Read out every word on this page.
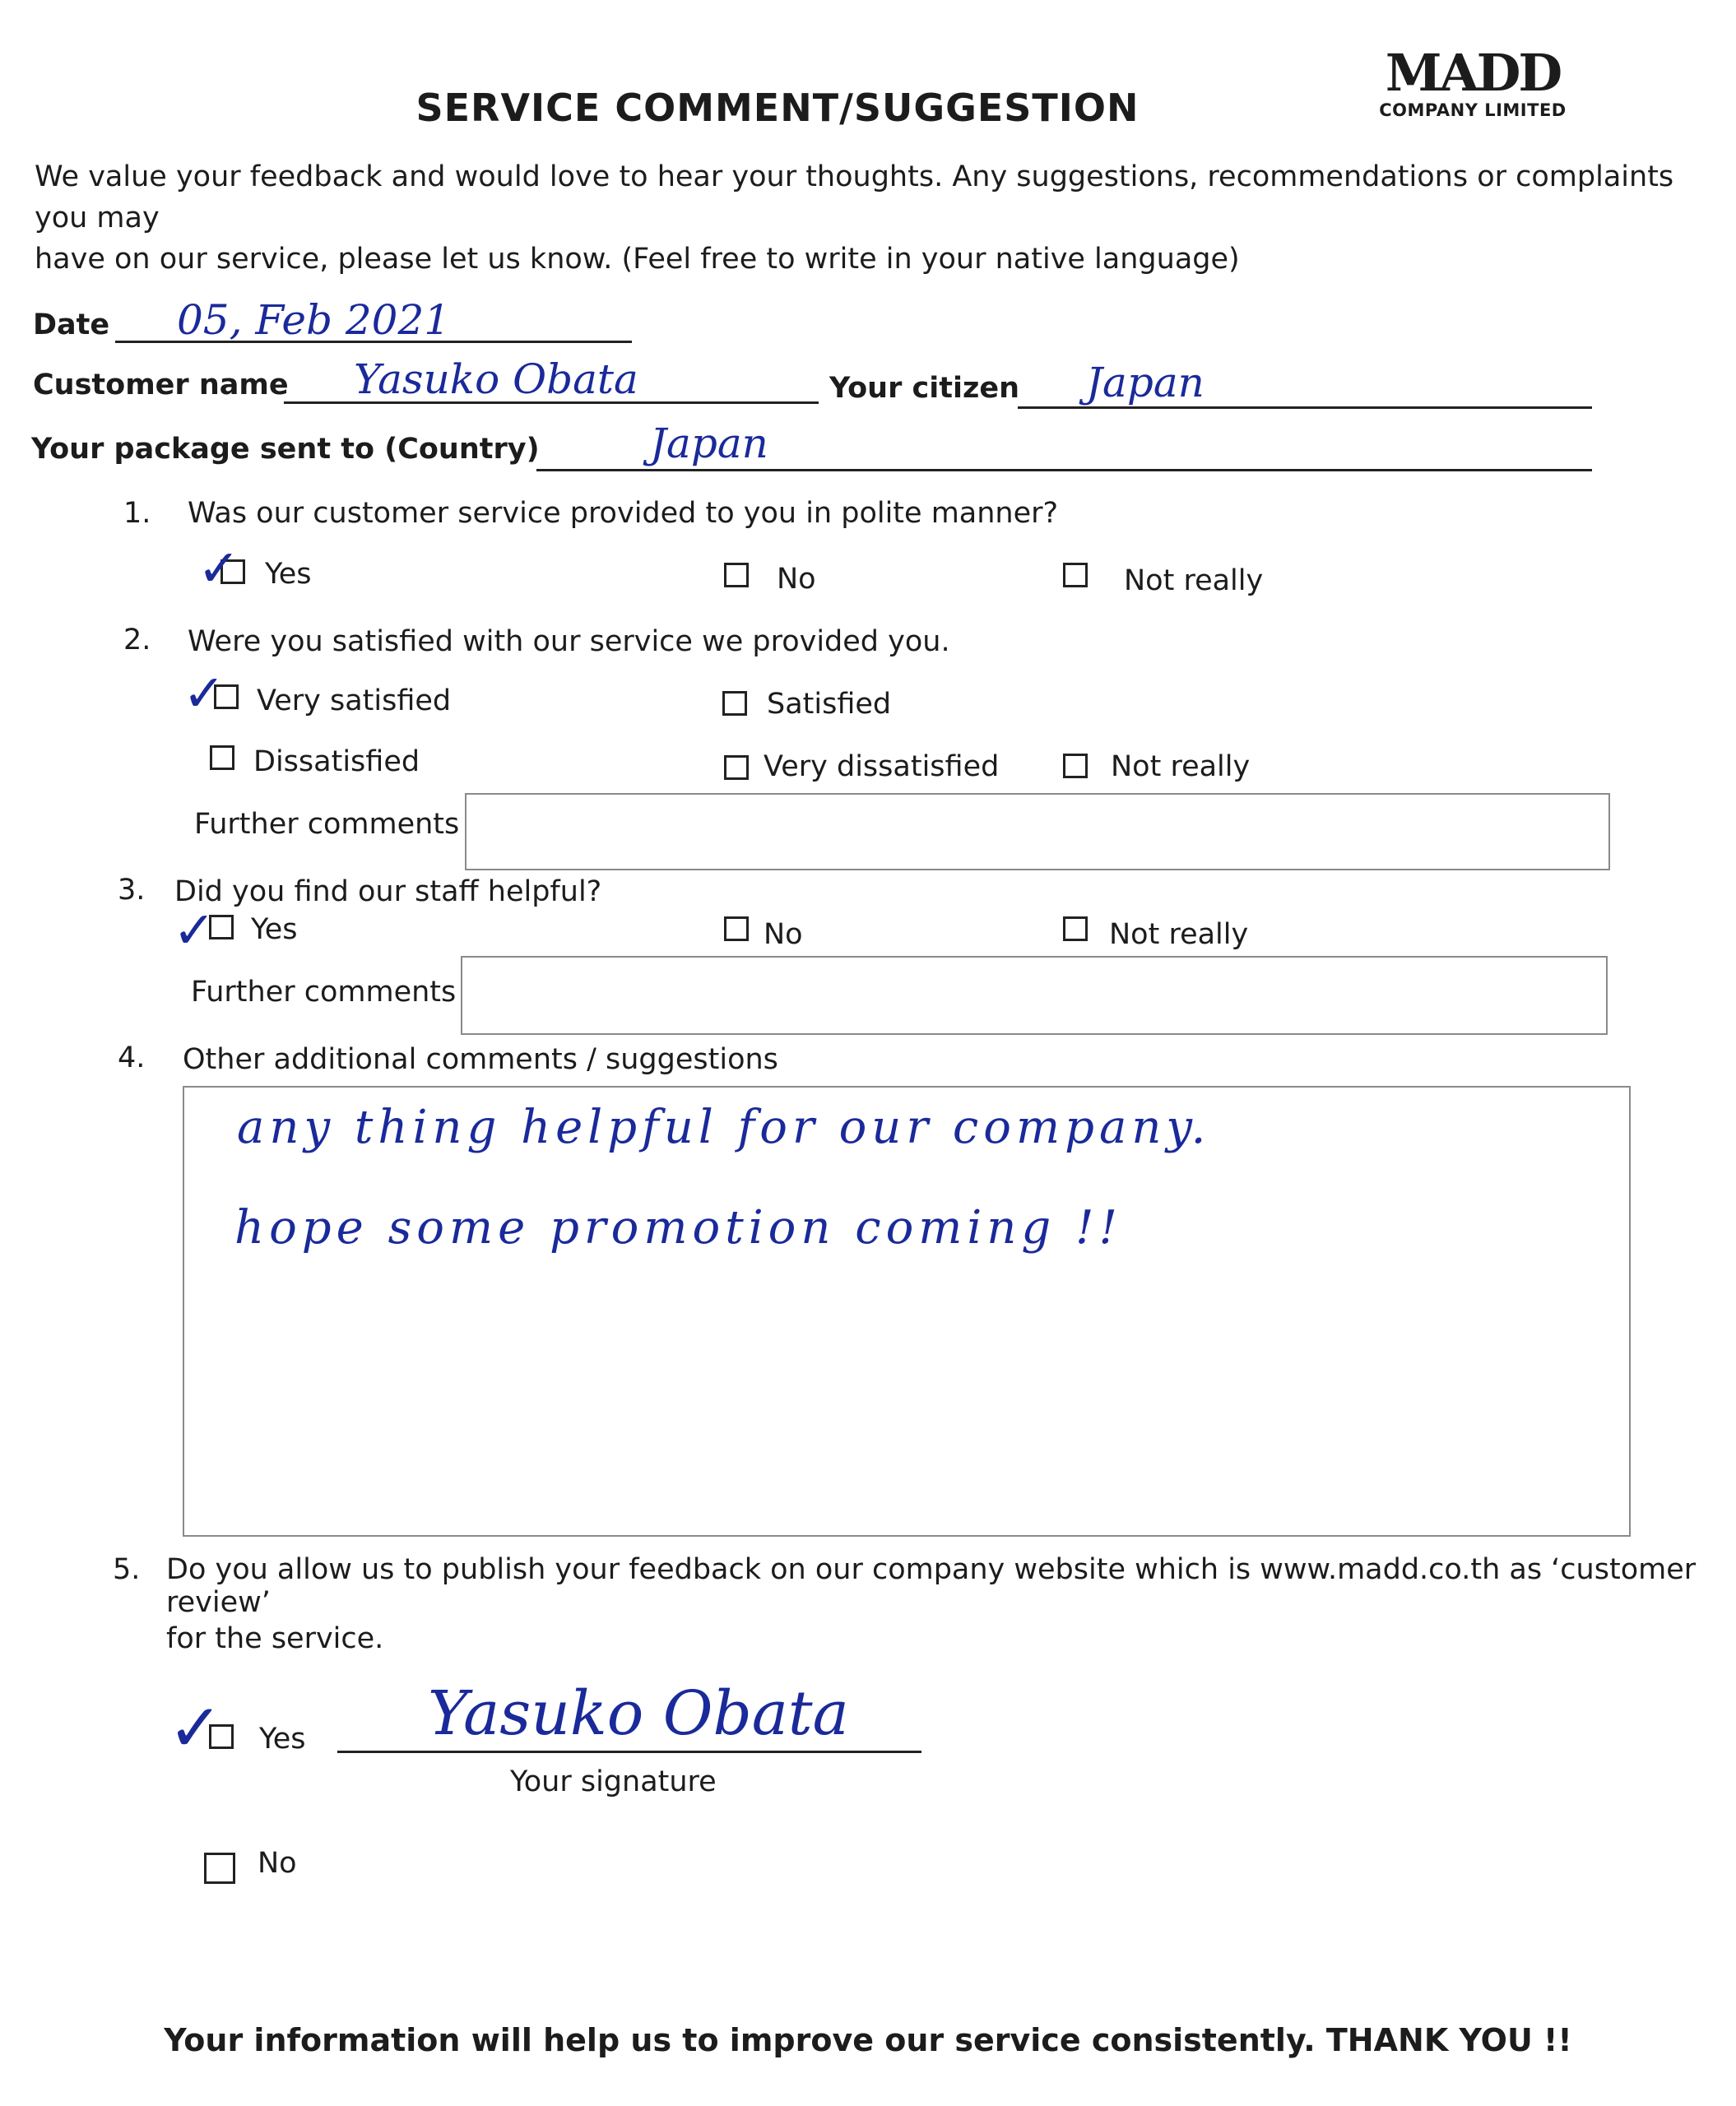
SERVICE COMMENT/SUGGESTION
MADD
COMPANY LIMITED
We value your feedback and would love to hear your thoughts. Any suggestions, recommendations or complaints you may
have on our service, please let us know. (Feel free to write in your native language)
Date 05, Feb 2021
Customer name Yasuko Obata	Your citizen Japan
Your package sent to (Country)	Japan
1. Was our customer service provided to you in polite manner?
✓ Yes	No	Not really
2. Were you satisfied with our service we provided you.
✓ Very satisfied	Satisfied
Dissatisfied	Very dissatisfied	Not really
Further comments
3. Did you find our staff helpful?
✓ Yes	No	Not really
Further comments
4. Other additional comments / suggestions
any thing helpful for our company.
hope some promotion coming !!
5. Do you allow us to publish your feedback on our company website which is www.madd.co.th as ‘customer review’
for the service.
✓ Yes Yasuko Obata
Your signature
No
Your information will help us to improve our service consistently. THANK YOU !!
